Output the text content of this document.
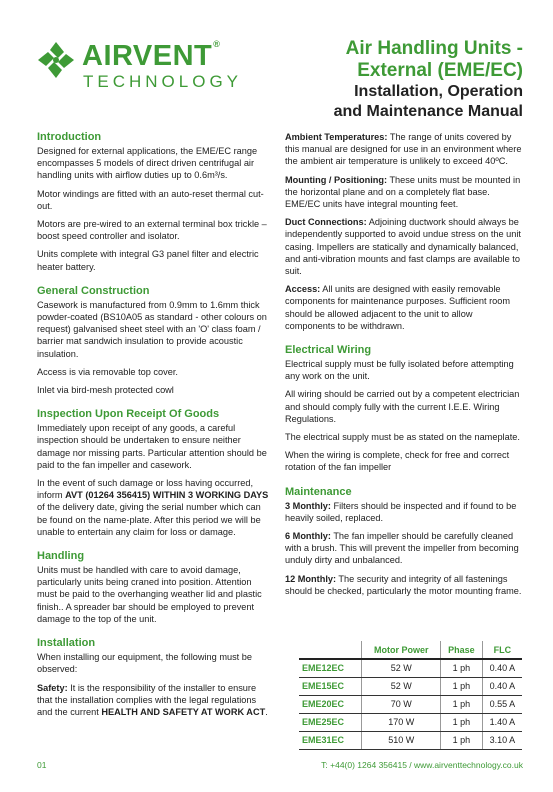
AIRVENT®
TECHNOLOGY
Air Handling Units -
External (EME/EC)
Installation, Operation
and Maintenance Manual
Introduction

Designed for external applications, the EME/EC range encompasses 5 models of direct driven centrifugal air handling units with airflow duties up to 0.6m³/s.

Motor windings are fitted with an auto-reset thermal cut-out.

Motors are pre-wired to an external terminal box trickle – boost speed controller and isolator.

Units complete with integral G3 panel filter and electric heater battery.

General Construction

Casework is manufactured from 0.9mm to 1.6mm thick powder-coated (BS10A05 as standard - other colours on request) galvanised sheet steel with an 'O' class foam / barrier mat sandwich insulation to provide acoustic insulation.

Access is via removable top cover.

Inlet via bird-mesh protected cowl

Inspection Upon Receipt Of Goods

Immediately upon receipt of any goods, a careful inspection should be undertaken to ensure neither damage nor missing parts. Particular attention should be paid to the fan impeller and casework.

In the event of such damage or loss having occurred, inform AVT (01264 356415) WITHIN 3 WORKING DAYS of the delivery date, giving the serial number which can be found on the name-plate. After this period we will be unable to entertain any claim for loss or damage.

Handling

Units must be handled with care to avoid damage, particularly units being craned into position. Attention must be paid to the overhanging weather lid and plastic finish.. A spreader bar should be employed to prevent damage to the top of the unit.

Installation

When installing our equipment, the following must be observed:

Safety: It is the responsibility of the installer to ensure that the installation complies with the legal regulations and the current HEALTH AND SAFETY AT WORK ACT.

Ambient Temperatures: The range of units covered by this manual are designed for use in an environment where the ambient air temperature is unlikely to exceed 40ºC.

Mounting / Positioning: These units must be mounted in the horizontal plane and on a completely flat base. EME/EC units have integral mounting feet.

Duct Connections: Adjoining ductwork should always be independently supported to avoid undue stress on the unit casing. Impellers are statically and dynamically balanced, and anti-vibration mounts and fast clamps are available to suit.

Access: All units are designed with easily removable components for maintenance purposes. Sufficient room should be allowed adjacent to the unit to allow components to be withdrawn.

Electrical Wiring

Electrical supply must be fully isolated before attempting any work on the unit.

All wiring should be carried out by a competent electrician and should comply fully with the current I.E.E. Wiring Regulations.

The electrical supply must be as stated on the nameplate.

When the wiring is complete, check for free and correct rotation of the fan impeller

Maintenance

3 Monthly: Filters should be inspected and if found to be heavily soiled, replaced.

6 Monthly: The fan impeller should be carefully cleaned with a brush. This will prevent the impeller from becoming unduly dirty and unbalanced.

12 Monthly: The security and integrity of all fastenings should be checked, particularly the motor mounting frame.

	Motor Power	Phase	FLC
EME12EC	52 W	1 ph	0.40 A
EME15EC	52 W	1 ph	0.40 A
EME20EC	70 W	1 ph	0.55 A
EME25EC	170 W	1 ph	1.40 A
EME31EC	510 W	1 ph	3.10 A
01	T: +44(0) 1264 356415 / www.airventtechnology.co.uk
